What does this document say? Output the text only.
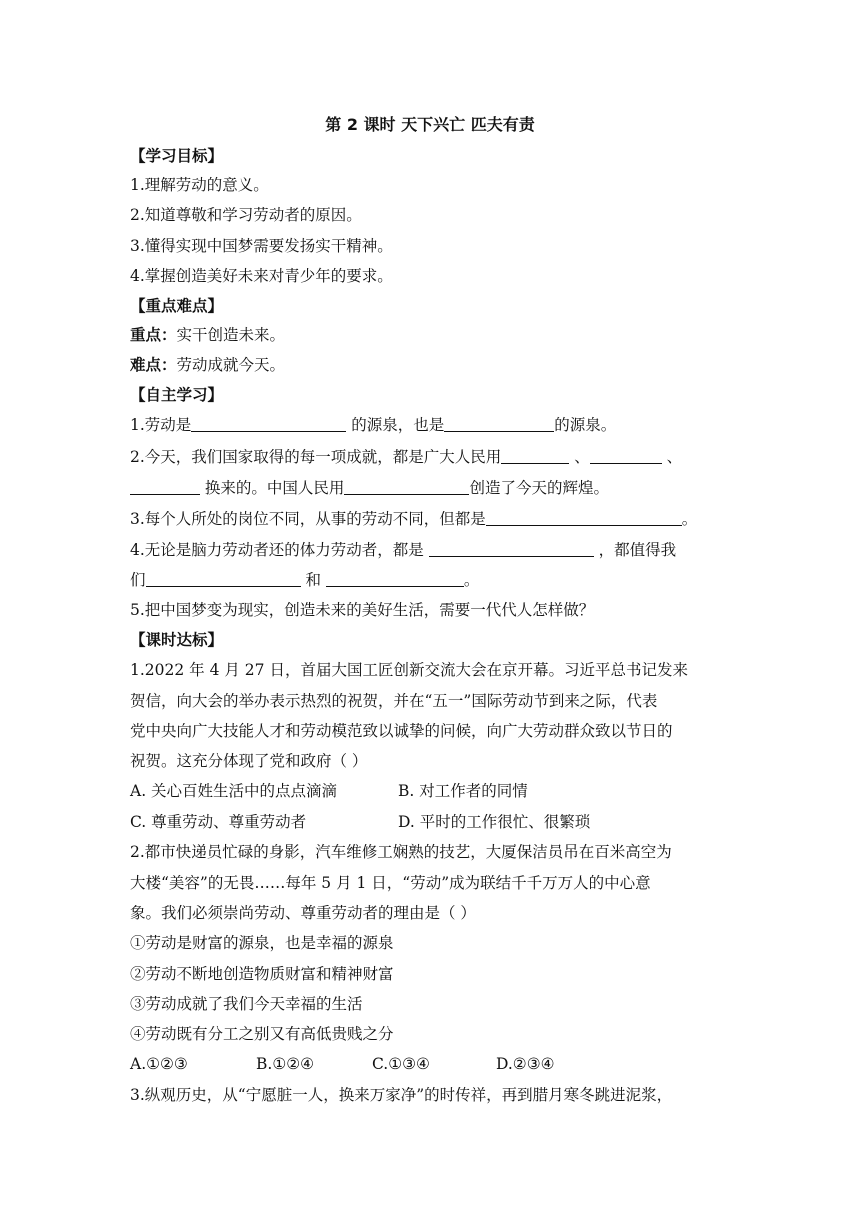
第 2 课时 天下兴亡 匹夫有责
【学习目标】
1.理解劳动的意义。
2.知道尊敬和学习劳动者的原因。
3.懂得实现中国梦需要发扬实干精神。
4.掌握创造美好未来对青少年的要求。
【重点难点】
重点：实干创造未来。
难点：劳动成就今天。
【自主学习】
1.劳动是	的源泉，也是	的源泉。
2.今天，我们国家取得的每一项成就，都是广大人民用	、	、
换来的。中国人民用	创造了今天的辉煌。
3.每个人所处的岗位不同，从事的劳动不同，但都是	。
4.无论是脑力劳动者还的体力劳动者，都是	，都值得我
们	和	。
5.把中国梦变为现实，创造未来的美好生活，需要一代代人怎样做？
【课时达标】
1.2022 年 4 月 27 日，首届大国工匠创新交流大会在京开幕。习近平总书记发来
贺信，向大会的举办表示热烈的祝贺，并在“五一”国际劳动节到来之际，代表
党中央向广大技能人才和劳动模范致以诚挚的问候，向广大劳动群众致以节日的
祝贺。这充分体现了党和政府（ ）
A. 关心百姓生活中的点点滴滴	B. 对工作者的同情
C. 尊重劳动、尊重劳动者	D. 平时的工作很忙、很繁琐
2.都市快递员忙碌的身影，汽车维修工娴熟的技艺，大厦保洁员吊在百米高空为
大楼“美容”的无畏……每年 5 月 1 日，“劳动”成为联结千千万万人的中心意
象。我们必须崇尚劳动、尊重劳动者的理由是（ ）
①劳动是财富的源泉，也是幸福的源泉
②劳动不断地创造物质财富和精神财富
③劳动成就了我们今天幸福的生活
④劳动既有分工之别又有高低贵贱之分
A.①②③	B.①②④	C.①③④	D.②③④
3.纵观历史，从“宁愿脏一人，换来万家净”的时传祥，再到腊月寒冬跳进泥浆，
